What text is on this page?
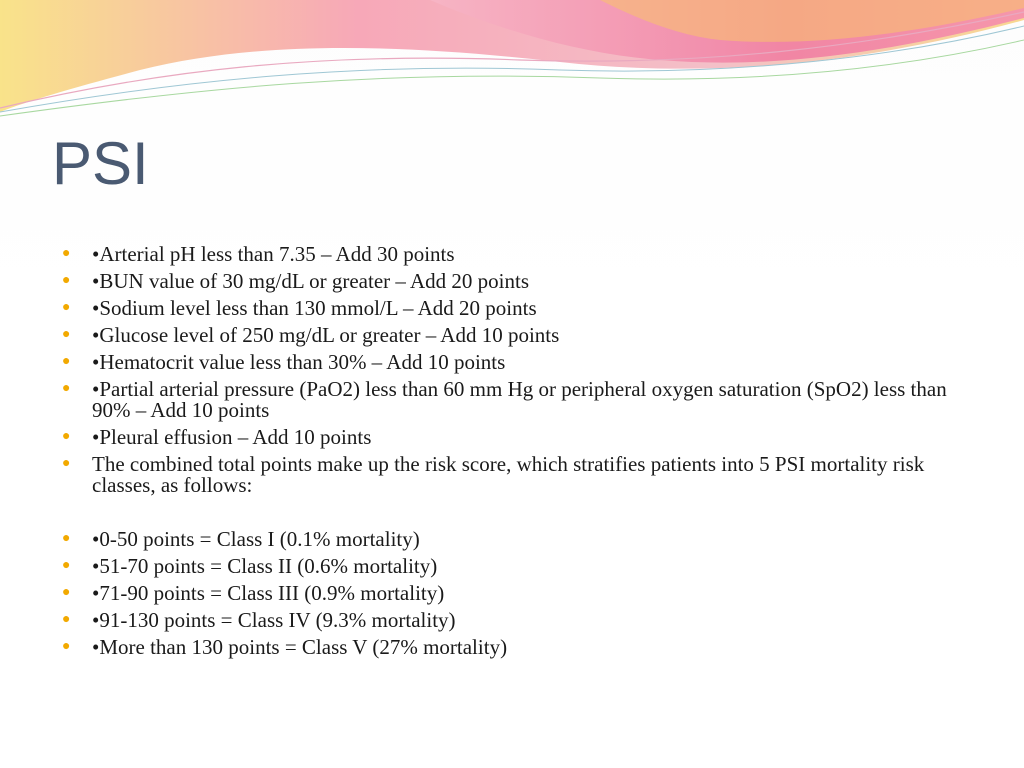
PSI
● •Arterial pH less than 7.35 – Add 30 points
● •BUN value of 30 mg/dL or greater – Add 20 points
● •Sodium level less than 130 mmol/L – Add 20 points
● •Glucose level of 250 mg/dL or greater – Add 10 points
● •Hematocrit value less than 30% – Add 10 points
● •Partial arterial pressure (PaO2) less than 60 mm Hg or peripheral oxygen saturation (SpO2) less than 90% – Add 10 points
● •Pleural effusion – Add 10 points
● The combined total points make up the risk score, which stratifies patients into 5 PSI mortality risk classes, as follows:
● •0-50 points = Class I (0.1% mortality)
● •51-70 points = Class II (0.6% mortality)
● •71-90 points = Class III (0.9% mortality)
● •91-130 points = Class IV (9.3% mortality)
● •More than 130 points = Class V (27% mortality)
